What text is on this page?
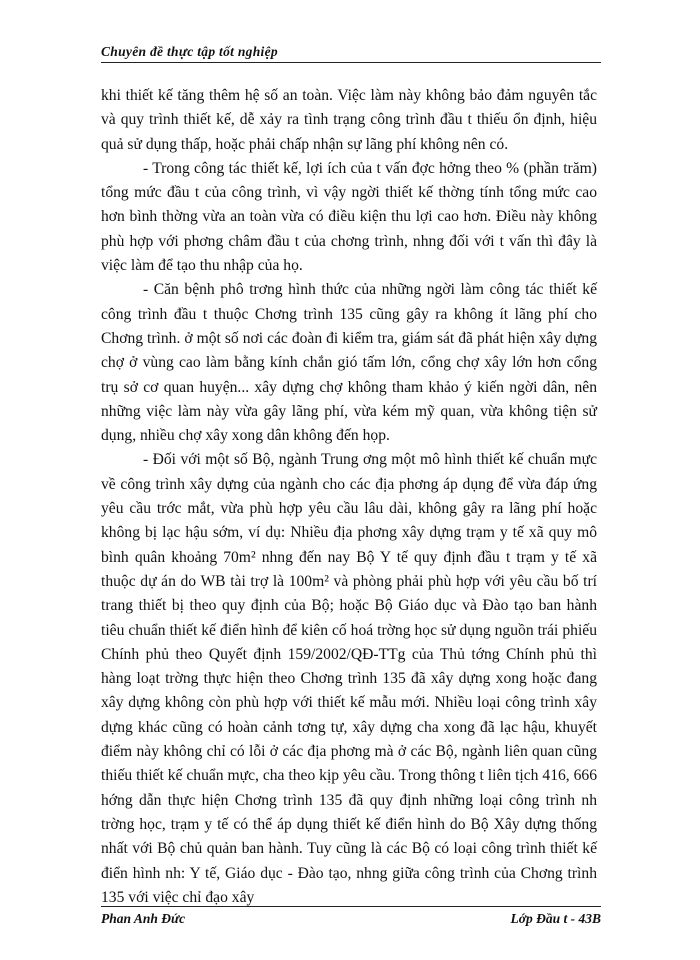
Chuyên đề thực tập tốt nghiệp

khi thiết kế tăng thêm hệ số an toàn. Việc làm này không bảo đảm nguyên tắc và quy trình thiết kế, dễ xảy ra tình trạng công trình đầu t thiếu ổn định, hiệu quả sử dụng thấp, hoặc phải chấp nhận sự lãng phí không nên có.

- Trong công tác thiết kế, lợi ích của t vấn đợc hởng theo % (phần trăm) tổng mức đầu t của công trình, vì vậy ngời thiết kế thờng tính tổng mức cao hơn bình thờng vừa an toàn vừa có điều kiện thu lợi cao hơn. Điều này không phù hợp với phơng châm đầu t của chơng trình, nhng đối với t vấn thì đây là việc làm để tạo thu nhập của họ.

- Căn bệnh phô trơng hình thức của những ngời làm công tác thiết kế công trình đầu t thuộc Chơng trình 135 cũng gây ra không ít lãng phí cho Chơng trình. ở một số nơi các đoàn đi kiểm tra, giám sát đã phát hiện xây dựng chợ ở vùng cao làm bằng kính chắn gió tấm lớn, cổng chợ xây lớn hơn cổng trụ sở cơ quan huyện... xây dựng chợ không tham khảo ý kiến ngời dân, nên những việc làm này vừa gây lãng phí, vừa kém mỹ quan, vừa không tiện sử dụng, nhiều chợ xây xong dân không đến họp.

- Đối với một số Bộ, ngành Trung ơng một mô hình thiết kế chuẩn mực về công trình xây dựng của ngành cho các địa phơng áp dụng để vừa đáp ứng yêu cầu trớc mắt, vừa phù hợp yêu cầu lâu dài, không gây ra lãng phí hoặc không bị lạc hậu sớm, ví dụ: Nhiều địa phơng xây dựng trạm y tế xã quy mô bình quân khoảng 70m² nhng đến nay Bộ Y tế quy định đầu t trạm y tế xã thuộc dự án do WB tài trợ là 100m² và phòng phải phù hợp với yêu cầu bố trí trang thiết bị theo quy định của Bộ; hoặc Bộ Giáo dục và Đào tạo ban hành tiêu chuẩn thiết kế điển hình để kiên cố hoá trờng học sử dụng nguồn trái phiếu Chính phủ theo Quyết định 159/2002/QĐ-TTg của Thủ tớng Chính phủ thì hàng loạt trờng thực hiện theo Chơng trình 135 đã xây dựng xong hoặc đang xây dựng không còn phù hợp với thiết kế mẫu mới. Nhiều loại công trình xây dựng khác cũng có hoàn cảnh tơng tự, xây dựng cha xong đã lạc hậu, khuyết điểm này không chỉ có lỗi ở các địa phơng mà ở các Bộ, ngành liên quan cũng thiếu thiết kế chuẩn mực, cha theo kịp yêu cầu. Trong thông t liên tịch 416, 666 hớng dẫn thực hiện Chơng trình 135 đã quy định những loại công trình nh trờng học, trạm y tế có thể áp dụng thiết kế điển hình do Bộ Xây dựng thống nhất với Bộ chủ quản ban hành. Tuy cũng là các Bộ có loại công trình thiết kế điển hình nh: Y tế, Giáo dục - Đào tạo, nhng giữa công trình của Chơng trình 135 với việc chỉ đạo xây

Phan Anh Đức	Lớp Đầu t - 43B
